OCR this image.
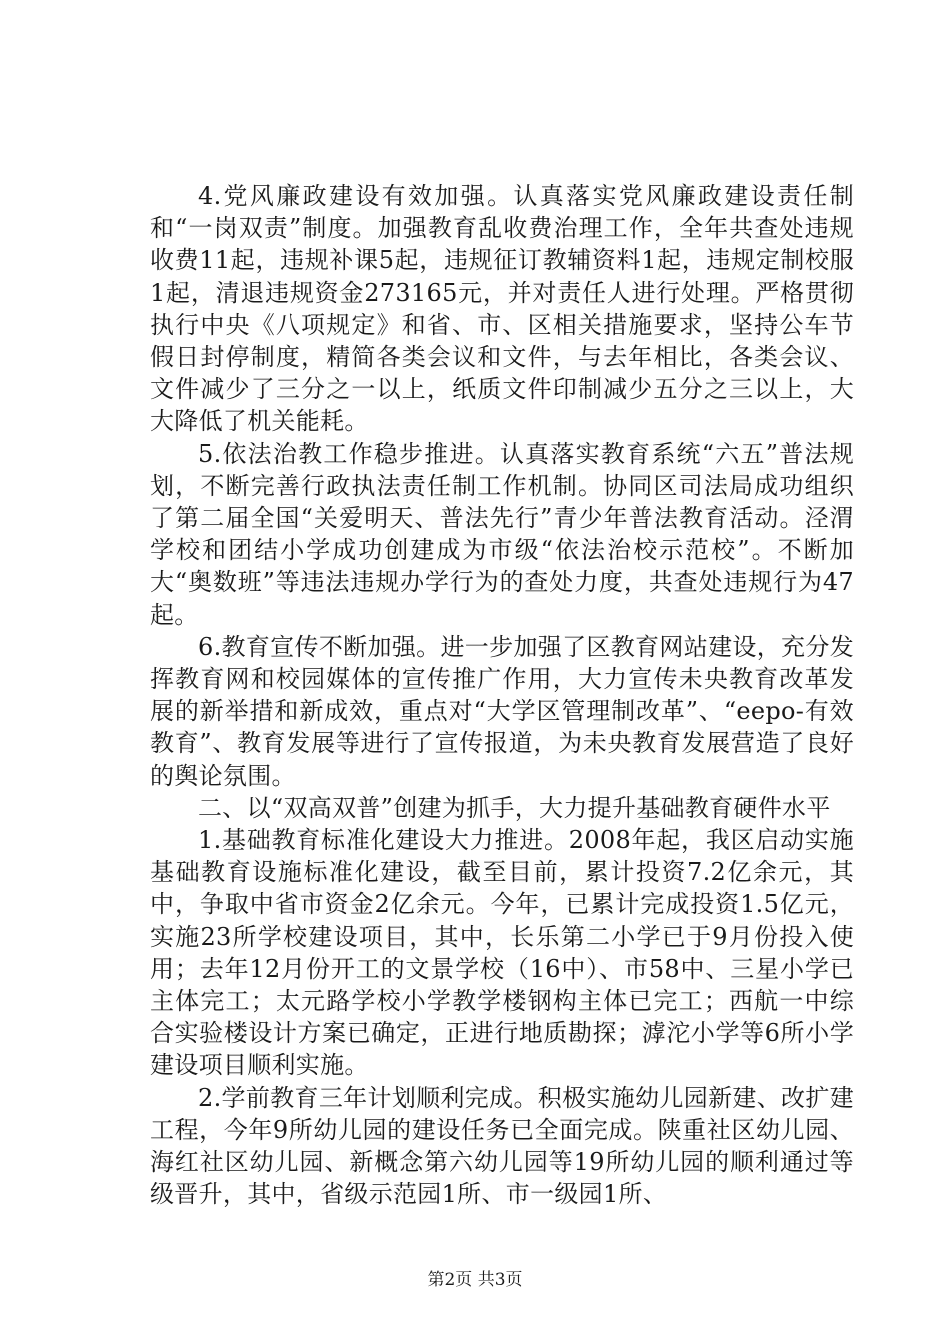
4.党风廉政建设有效加强。认真落实党风廉政建设责任制和“一岗双责”制度。加强教育乱收费治理工作，全年共查处违规收费11起，违规补课5起，违规征订教辅资料1起，违规定制校服1起，清退违规资金273165元，并对责任人进行处理。严格贯彻执行中央《八项规定》和省、市、区相关措施要求，坚持公车节假日封停制度，精简各类会议和文件，与去年相比，各类会议、文件减少了三分之一以上，纸质文件印制减少五分之三以上，大大降低了机关能耗。

5.依法治教工作稳步推进。认真落实教育系统“六五”普法规划，不断完善行政执法责任制工作机制。协同区司法局成功组织了第二届全国“关爱明天、普法先行”青少年普法教育活动。泾渭学校和团结小学成功创建成为市级“依法治校示范校”。不断加大“奥数班”等违法违规办学行为的查处力度，共查处违规行为47起。

6.教育宣传不断加强。进一步加强了区教育网站建设，充分发挥教育网和校园媒体的宣传推广作用，大力宣传未央教育改革发展的新举措和新成效，重点对“大学区管理制改革”、“eepo-有效教育”、教育发展等进行了宣传报道，为未央教育发展营造了良好的舆论氛围。

二、以“双高双普”创建为抓手，大力提升基础教育硬件水平

1.基础教育标准化建设大力推进。2008年起，我区启动实施基础教育设施标准化建设，截至目前，累计投资7.2亿余元，其中，争取中省市资金2亿余元。今年，已累计完成投资1.5亿元，实施23所学校建设项目，其中，长乐第二小学已于9月份投入使用；去年12月份开工的文景学校（16中）、市58中、三星小学已主体完工；太元路学校小学教学楼钢构主体已完工；西航一中综合实验楼设计方案已确定，正进行地质勘探；滹沱小学等6所小学建设项目顺利实施。

2.学前教育三年计划顺利完成。积极实施幼儿园新建、改扩建工程，今年9所幼儿园的建设任务已全面完成。陕重社区幼儿园、海红社区幼儿园、新概念第六幼儿园等19所幼儿园的顺利通过等级晋升，其中，省级示范园1所、市一级园1所、

第2页 共3页
